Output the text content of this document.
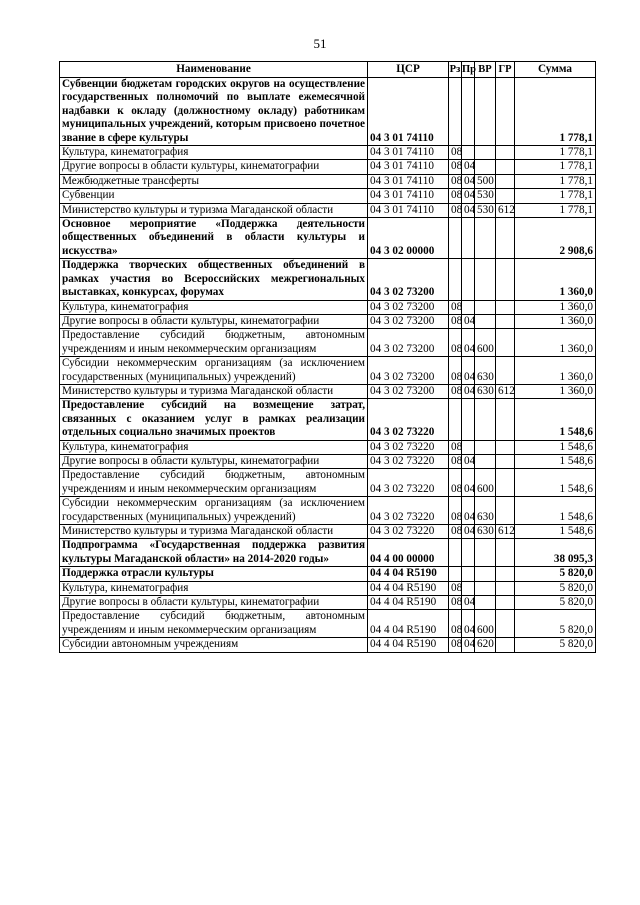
51
Наименование	ЦСР	Рз	Пр	ВР	ГР	Сумма
Субвенции бюджетам городских округов на осуществление государственных полномочий по выплате ежемесячной надбавки к окладу (должностному окладу) работникам муниципальных учреждений, которым присвоено почетное звание в сфере культуры	04 3 01 74110					1 778,1
Культура, кинематография	04 3 01 74110	08				1 778,1
Другие вопросы в области культуры, кинематографии	04 3 01 74110	08	04			1 778,1
Межбюджетные трансферты	04 3 01 74110	08	04	500		1 778,1
Субвенции	04 3 01 74110	08	04	530		1 778,1
Министерство культуры и туризма Магаданской области	04 3 01 74110	08	04	530	612	1 778,1
Основное мероприятие «Поддержка деятельности общественных объединений в области культуры и искусства»	04 3 02 00000					2 908,6
Поддержка творческих общественных объединений в рамках участия во Всероссийских межрегиональных выставках, конкурсах, форумах	04 3 02 73200					1 360,0
Культура, кинематография	04 3 02 73200	08				1 360,0
Другие вопросы в области культуры, кинематографии	04 3 02 73200	08	04			1 360,0
Предоставление субсидий бюджетным, автономным учреждениям и иным некоммерческим организациям	04 3 02 73200	08	04	600		1 360,0
Субсидии некоммерческим организациям (за исключением государственных (муниципальных) учреждений)	04 3 02 73200	08	04	630		1 360,0
Министерство культуры и туризма Магаданской области	04 3 02 73200	08	04	630	612	1 360,0
Предоставление субсидий на возмещение затрат, связанных с оказанием услуг в рамках реализации отдельных социально значимых проектов	04 3 02 73220					1 548,6
Культура, кинематография	04 3 02 73220	08				1 548,6
Другие вопросы в области культуры, кинематографии	04 3 02 73220	08	04			1 548,6
Предоставление субсидий бюджетным, автономным учреждениям и иным некоммерческим организациям	04 3 02 73220	08	04	600		1 548,6
Субсидии некоммерческим организациям (за исключением государственных (муниципальных) учреждений)	04 3 02 73220	08	04	630		1 548,6
Министерство культуры и туризма Магаданской области	04 3 02 73220	08	04	630	612	1 548,6
Подпрограмма «Государственная поддержка развития культуры Магаданской области» на 2014-2020 годы»	04 4 00 00000					38 095,3
Поддержка отрасли культуры	04 4 04 R5190					5 820,0
Культура, кинематография	04 4 04 R5190	08				5 820,0
Другие вопросы в области культуры, кинематографии	04 4 04 R5190	08	04			5 820,0
Предоставление субсидий бюджетным, автономным учреждениям и иным некоммерческим организациям	04 4 04 R5190	08	04	600		5 820,0
Субсидии автономным учреждениям	04 4 04 R5190	08	04	620		5 820,0
